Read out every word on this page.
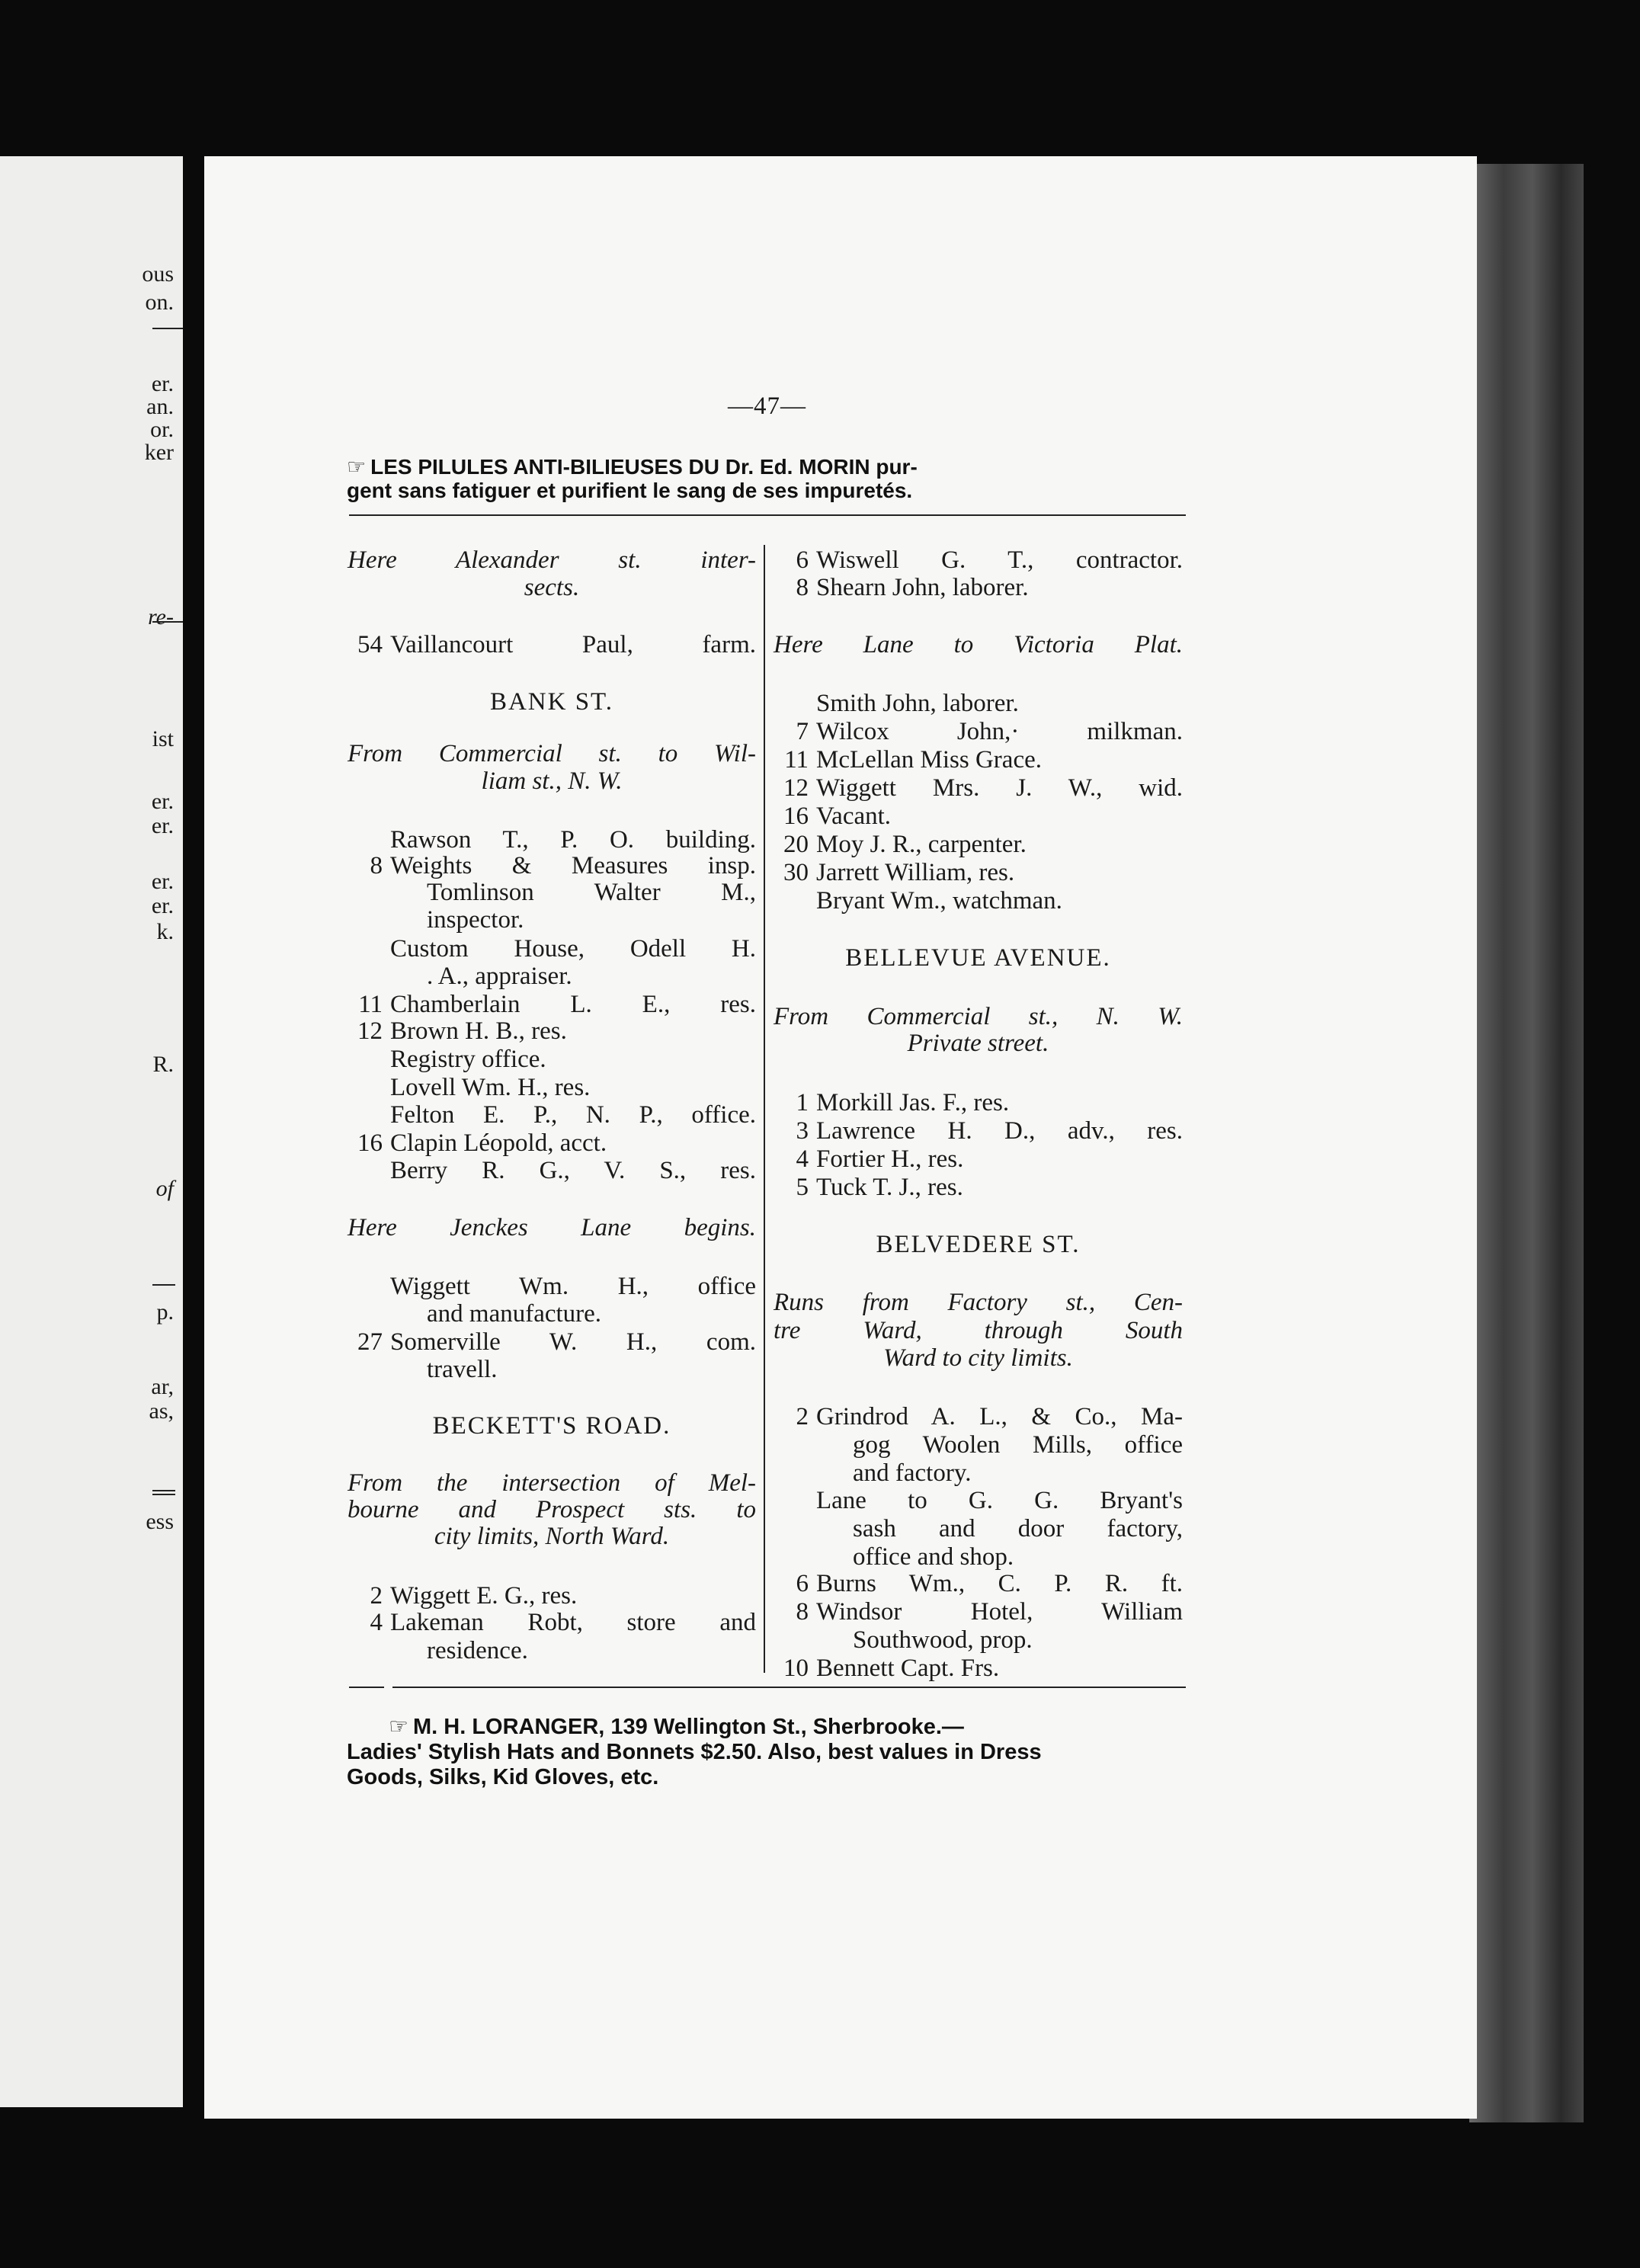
ous
on.
er.
an.
or.
ker
re-
ist
er.
er.
er.
er.
k.
R.
of
p.
ar,
as,
ess
—47—
☞ LES PILULES ANTI-BILIEUSES DU Dr. Ed. MORIN pur-
gent sans fatiguer et purifient le sang de ses impuretés.
Here Alexander st. inter-
sects.
54 Vaillancourt Paul, farm.
BANK ST.
From Commercial st. to Wil-
liam st., N. W.
Rawson T., P. O. building.
8 Weights & Measures insp.
Tomlinson Walter M.,
inspector.
Custom House, Odell H.
. A., appraiser.
11 Chamberlain L. E., res.
12 Brown H. B., res.
Registry office.
Lovell Wm. H., res.
Felton E. P., N. P., office.
16 Clapin Léopold, acct.
Berry R. G., V. S., res.
Here Jenckes Lane begins.
Wiggett Wm. H., office
and manufacture.
27 Somerville W. H., com.
travell.
BECKETT'S ROAD.
From the intersection of Mel-
bourne and Prospect sts. to
city limits, North Ward.
2 Wiggett E. G., res.
4 Lakeman Robt, store and
residence.
6 Wiswell G. T., contractor.
8 Shearn John, laborer.
Here Lane to Victoria Plat.
Smith John, laborer.
7 Wilcox John,· milkman.
11 McLellan Miss Grace.
12 Wiggett Mrs. J. W., wid.
16 Vacant.
20 Moy J. R., carpenter.
30 Jarrett William, res.
Bryant Wm., watchman.
BELLEVUE AVENUE.
From Commercial st., N. W.
Private street.
1 Morkill Jas. F., res.
3 Lawrence H. D., adv., res.
4 Fortier H., res.
5 Tuck T. J., res.
BELVEDERE ST.
Runs from Factory st., Cen-
tre Ward, through South
Ward to city limits.
2 Grindrod A. L., & Co., Ma-
gog Woolen Mills, office
and factory.
Lane to G. G. Bryant's
sash and door factory,
office and shop.
6 Burns Wm., C. P. R. ft.
8 Windsor Hotel, William
Southwood, prop.
10 Bennett Capt. Frs.
☞ M. H. LORANGER, 139 Wellington St., Sherbrooke.—
Ladies' Stylish Hats and Bonnets $2.50. Also, best values in Dress
Goods, Silks, Kid Gloves, etc.
